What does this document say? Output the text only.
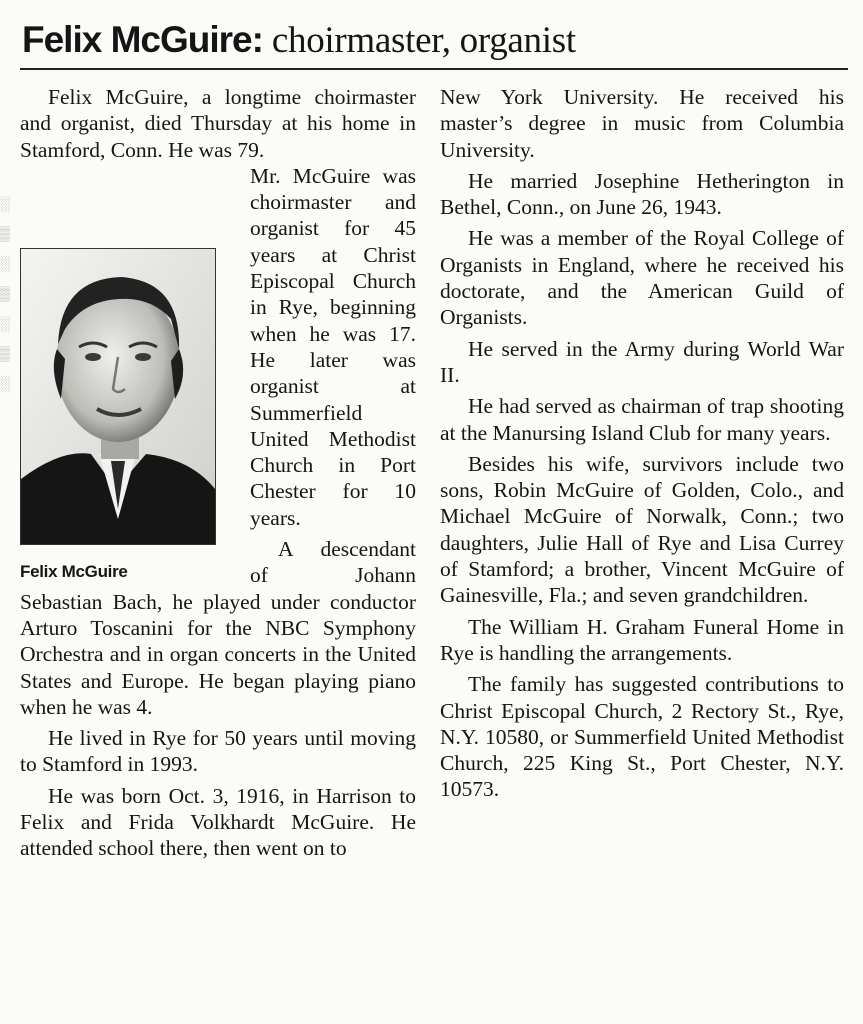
Felix McGuire: choirmaster, organist
░
▒
░
▒
░
▒
░

Felix McGuire, a longtime choirmaster and organist, died Thursday at his home in Stamford, Conn. He was 79.

Felix McGuire

Mr. McGuire was choirmaster and organist for 45 years at Christ Episcopal Church in Rye, beginning when he was 17. He later was organist at Summerfield United Methodist Church in Port Chester for 10 years.

A descendant of Johann Sebastian Bach, he played under conductor Arturo Toscanini for the NBC Symphony Orchestra and in organ concerts in the United States and Europe. He began playing piano when he was 4.

He lived in Rye for 50 years until moving to Stamford in 1993.

He was born Oct. 3, 1916, in Harrison to Felix and Frida Volkhardt McGuire. He attended school there, then went on to

New York University. He received his master’s degree in music from Columbia University.

He married Josephine Hetherington in Bethel, Conn., on June 26, 1943.

He was a member of the Royal College of Organists in England, where he received his doctorate, and the American Guild of Organists.

He served in the Army during World War II.

He had served as chairman of trap shooting at the Manursing Island Club for many years.

Besides his wife, survivors include two sons, Robin McGuire of Golden, Colo., and Michael McGuire of Norwalk, Conn.; two daughters, Julie Hall of Rye and Lisa Currey of Stamford; a brother, Vincent McGuire of Gainesville, Fla.; and seven grandchildren.

The William H. Graham Funeral Home in Rye is handling the arrangements.

The family has suggested contributions to Christ Episcopal Church, 2 Rectory St., Rye, N.Y. 10580, or Summerfield United Methodist Church, 225 King St., Port Chester, N.Y. 10573.
